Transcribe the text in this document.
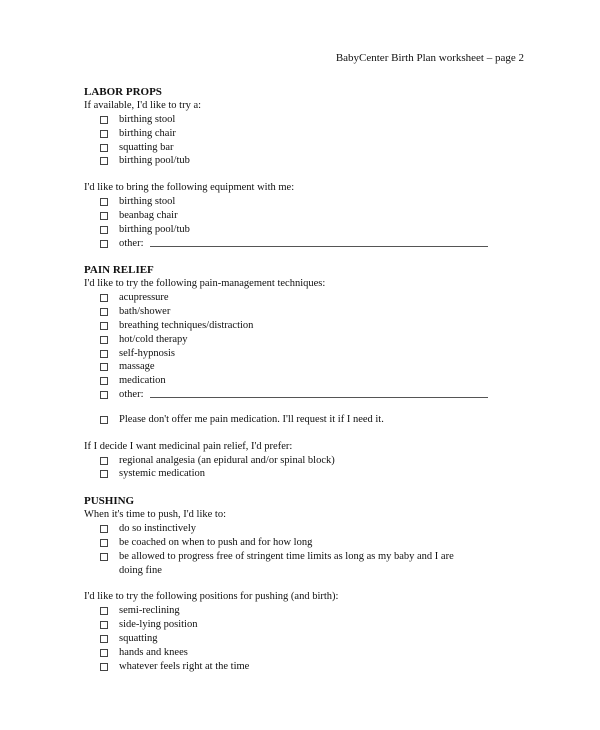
BabyCenter Birth Plan worksheet – page 2

LABOR PROPS

If available, I'd like to try a:

birthing stool
birthing chair
squatting bar
birthing pool/tub

I'd like to bring the following equipment with me:

birthing stool
beanbag chair
birthing pool/tub
other:

PAIN RELIEF

I'd like to try the following pain-management techniques:

acupressure
bath/shower
breathing techniques/distraction
hot/cold therapy
self-hypnosis
massage
medication
other:
Please don't offer me pain medication. I'll request it if I need it.

If I decide I want medicinal pain relief, I'd prefer:

regional analgesia (an epidural and/or spinal block)
systemic medication

PUSHING

When it's time to push, I'd like to:

do so instinctively
be coached on when to push and for how long
be allowed to progress free of stringent time limits as long as my baby and I are doing fine

I'd like to try the following positions for pushing (and birth):

semi-reclining
side-lying position
squatting
hands and knees
whatever feels right at the time
